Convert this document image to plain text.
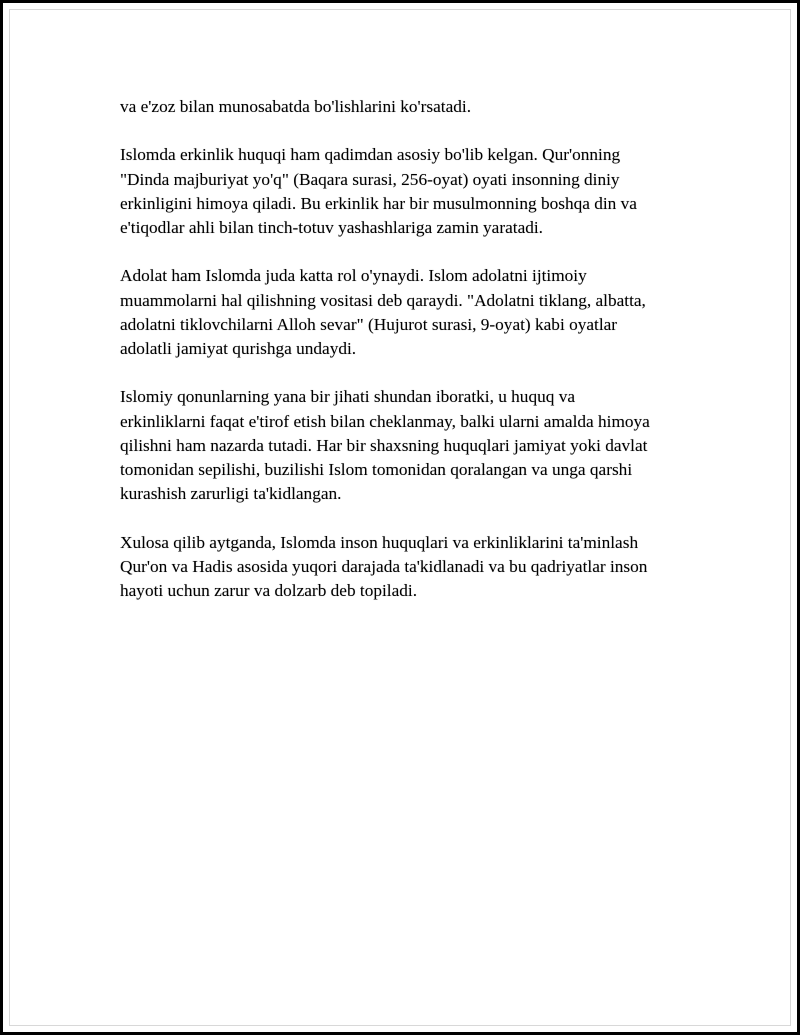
va e'zoz bilan munosabatda bo'lishlarini ko'rsatadi.

Islomda erkinlik huquqi ham qadimdan asosiy bo'lib kelgan. Qur'onning
"Dinda majburiyat yo'q" (Baqara surasi, 256-oyat) oyati insonning diniy
erkinligini himoya qiladi. Bu erkinlik har bir musulmonning boshqa din va
e'tiqodlar ahli bilan tinch-totuv yashashlariga zamin yaratadi.

Adolat ham Islomda juda katta rol o'ynaydi. Islom adolatni ijtimoiy
muammolarni hal qilishning vositasi deb qaraydi. "Adolatni tiklang, albatta,
adolatni tiklovchilarni Alloh sevar" (Hujurot surasi, 9-oyat) kabi oyatlar
adolatli jamiyat qurishga undaydi.

Islomiy qonunlarning yana bir jihati shundan iboratki, u huquq va
erkinliklarni faqat e'tirof etish bilan cheklanmay, balki ularni amalda himoya
qilishni ham nazarda tutadi. Har bir shaxsning huquqlari jamiyat yoki davlat
tomonidan sepilishi, buzilishi Islom tomonidan qoralangan va unga qarshi
kurashish zarurligi ta'kidlangan.

Xulosa qilib aytganda, Islomda inson huquqlari va erkinliklarini ta'minlash
Qur'on va Hadis asosida yuqori darajada ta'kidlanadi va bu qadriyatlar inson
hayoti uchun zarur va dolzarb deb topiladi.
